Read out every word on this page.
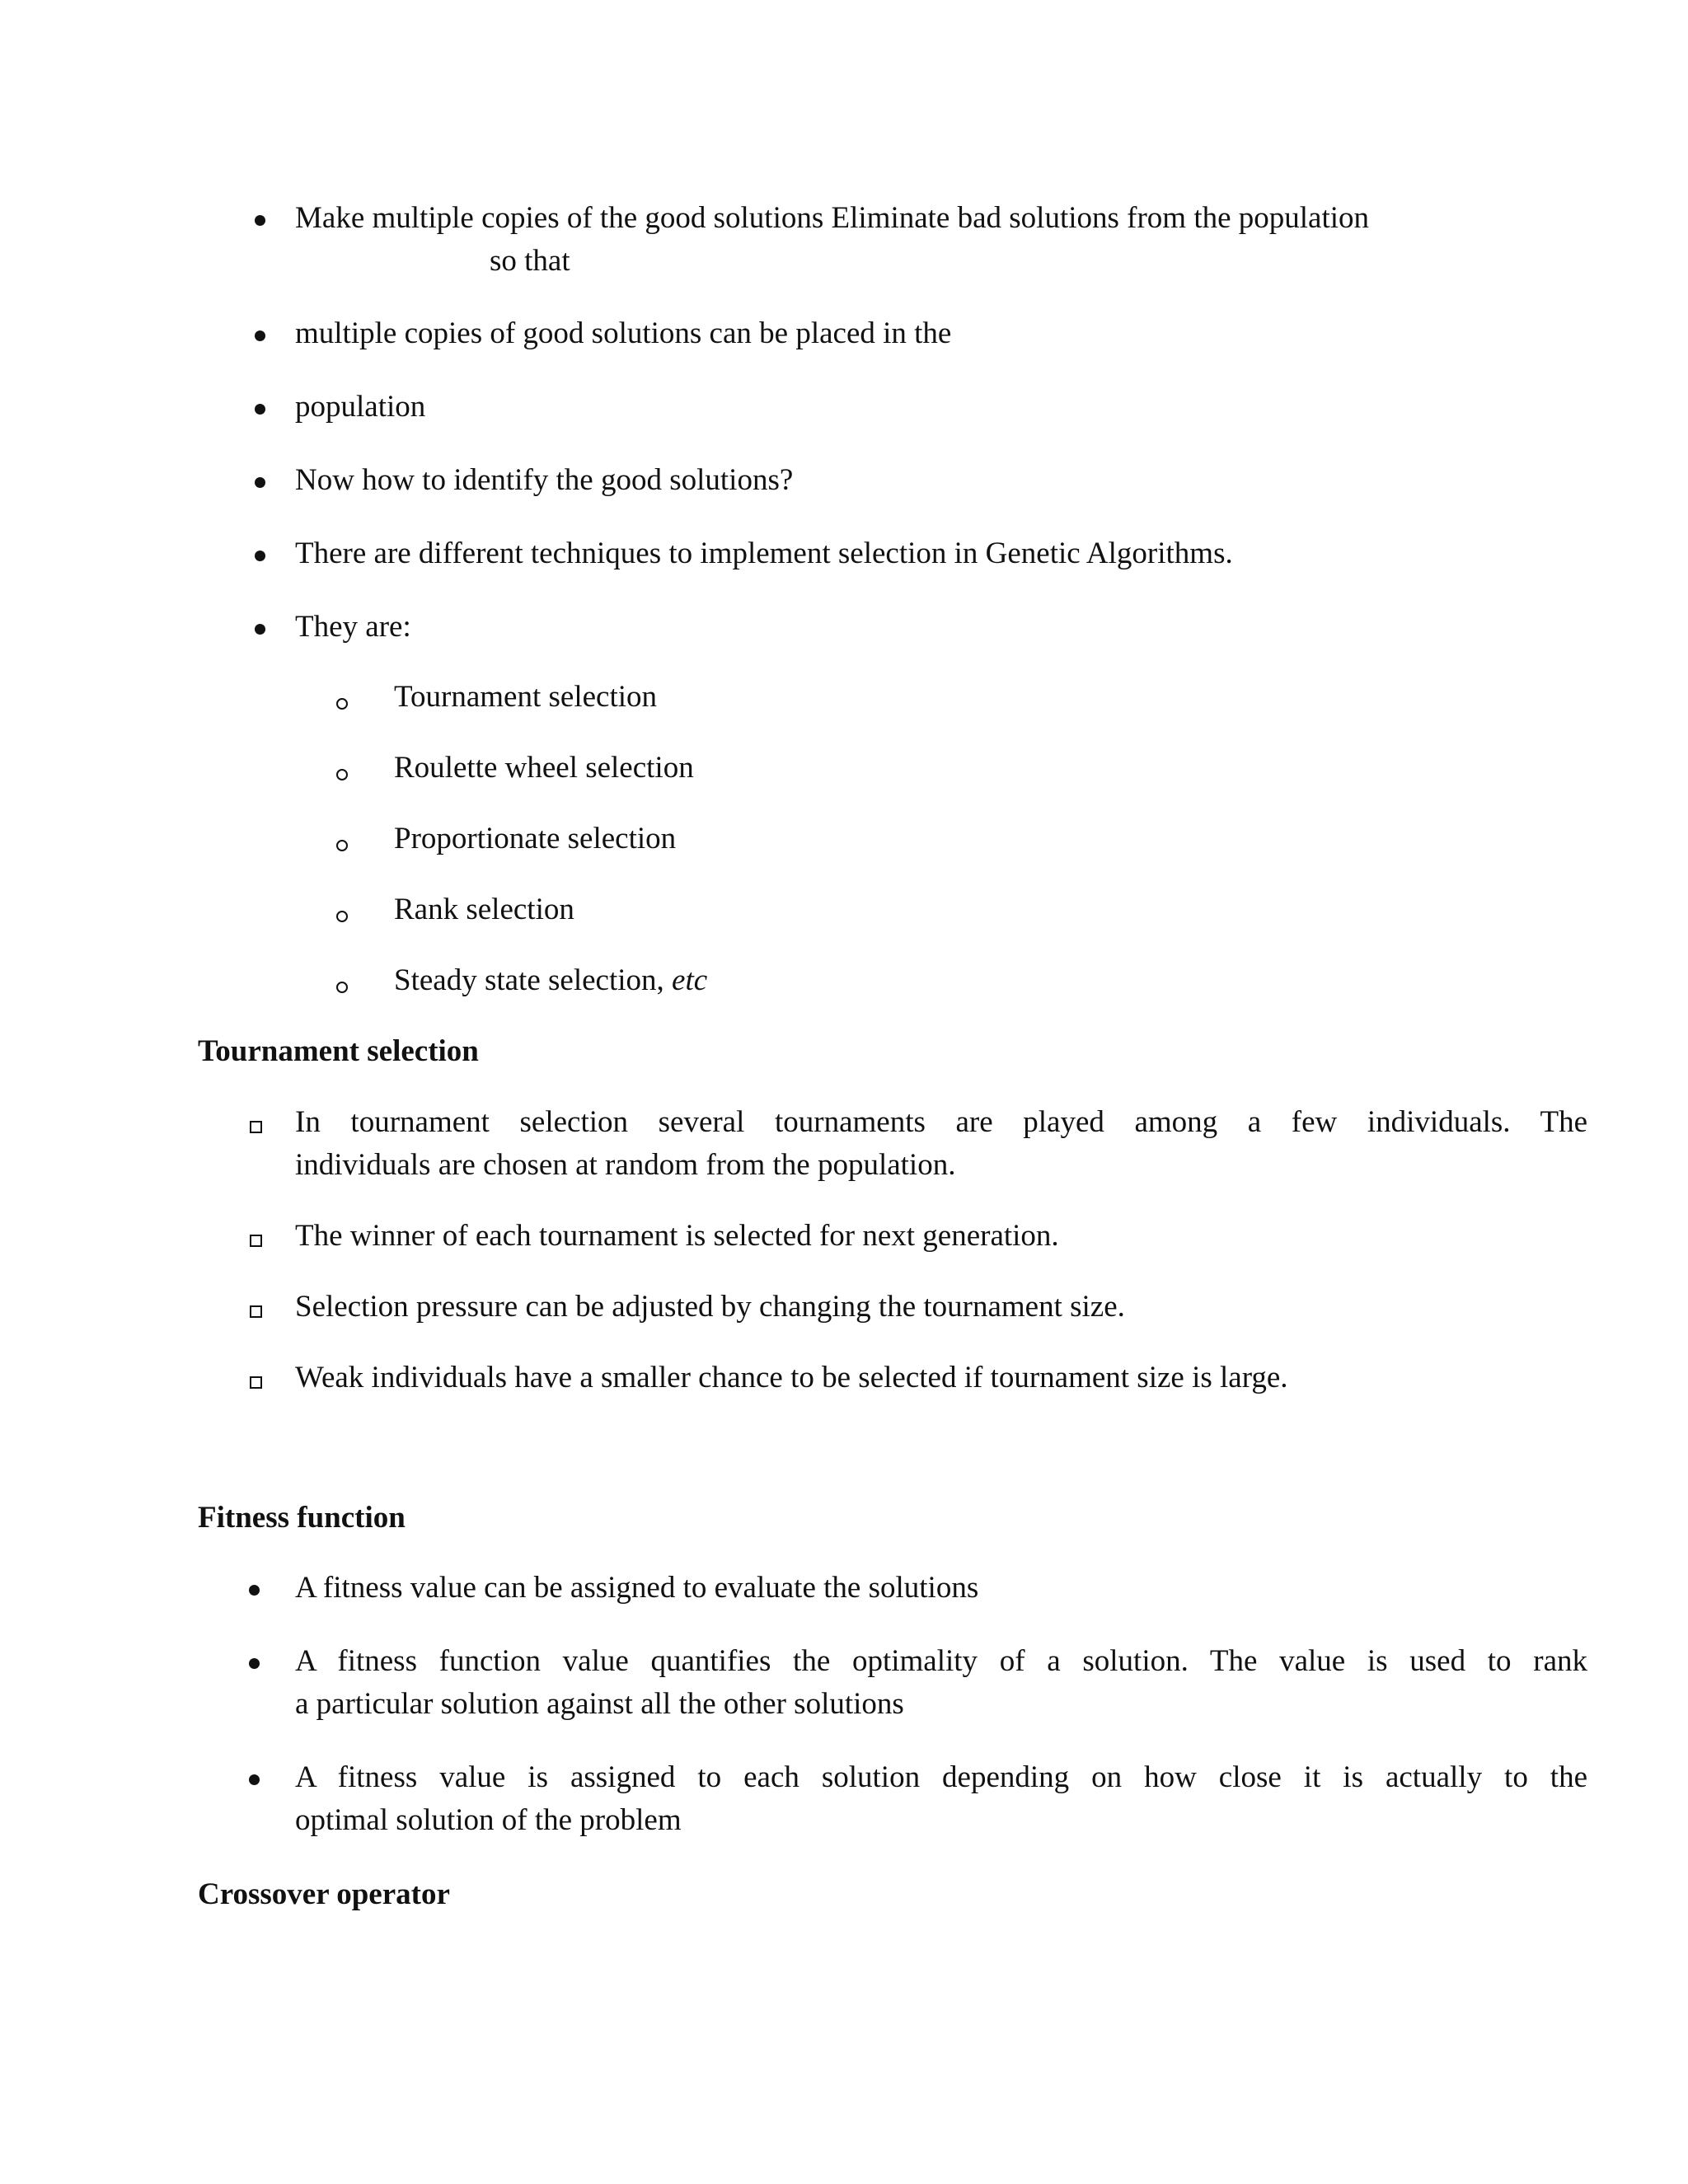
Make multiple copies of the good solutions Eliminate bad solutions from the population
so that
multiple copies of good solutions can be placed in the
population
Now how to identify the good solutions?
There are different techniques to implement selection in Genetic Algorithms.
They are:
Tournament selection
Roulette wheel selection
Proportionate selection
Rank selection
Steady state selection, etc
Tournament selection
In tournament selection several tournaments are played among a few individuals. The
individuals are chosen at random from the population.
The winner of each tournament is selected for next generation.
Selection pressure can be adjusted by changing the tournament size.
Weak individuals have a smaller chance to be selected if tournament size is large.
Fitness function
A fitness value can be assigned to evaluate the solutions
A fitness function value quantifies the optimality of a solution. The value is used to rank
a particular solution against all the other solutions
A fitness value is assigned to each solution depending on how close it is actually to the
optimal solution of the problem
Crossover operator
